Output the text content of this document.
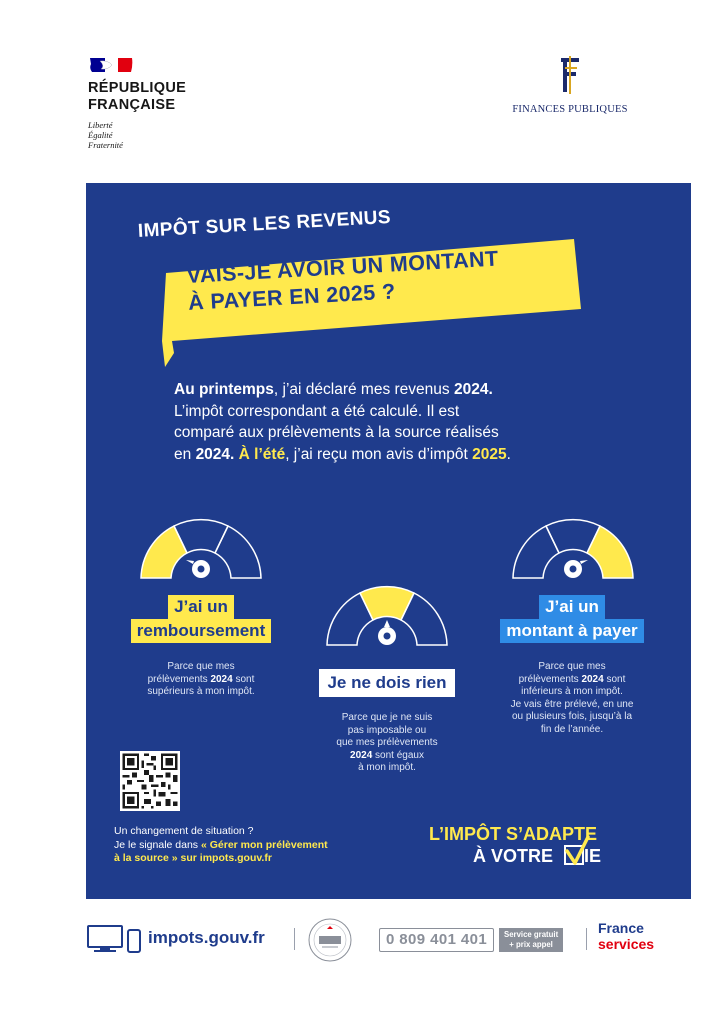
RÉPUBLIQUE
FRANÇAISE
Liberté
Égalité
Fraternité
FINANCES PUBLIQUES
IMPÔT SUR LES REVENUS
VAIS-JE AVOIR UN MONTANT
À PAYER EN 2025 ?
Au printemps, j’ai déclaré mes revenus 2024.
L’impôt correspondant a été calculé. Il est
comparé aux prélèvements à la source réalisés
en 2024. À l’été, j’ai reçu mon avis d’impôt 2025.
J’ai un
remboursement
Parce que mes
prélèvements 2024 sont
supérieurs à mon impôt.	Je ne dois rien
Parce que je ne suis
pas imposable ou
que mes prélèvements
2024 sont égaux
à mon impôt.
J’ai un
montant à payer
Parce que mes
prélèvements 2024 sont
inférieurs à mon impôt.
Je vais être prélevé, en une
ou plusieurs fois, jusqu’à la
fin de l’année.
Un changement de situation ?
Je le signale dans « Gérer mon prélèvement
à la source » sur impots.gouv.fr
L’IMPÔT S’ADAPTE
À VOTRE
IE
impots.gouv.fr	0 809 401 401	Service gratuit
+ prix appel
France
services
